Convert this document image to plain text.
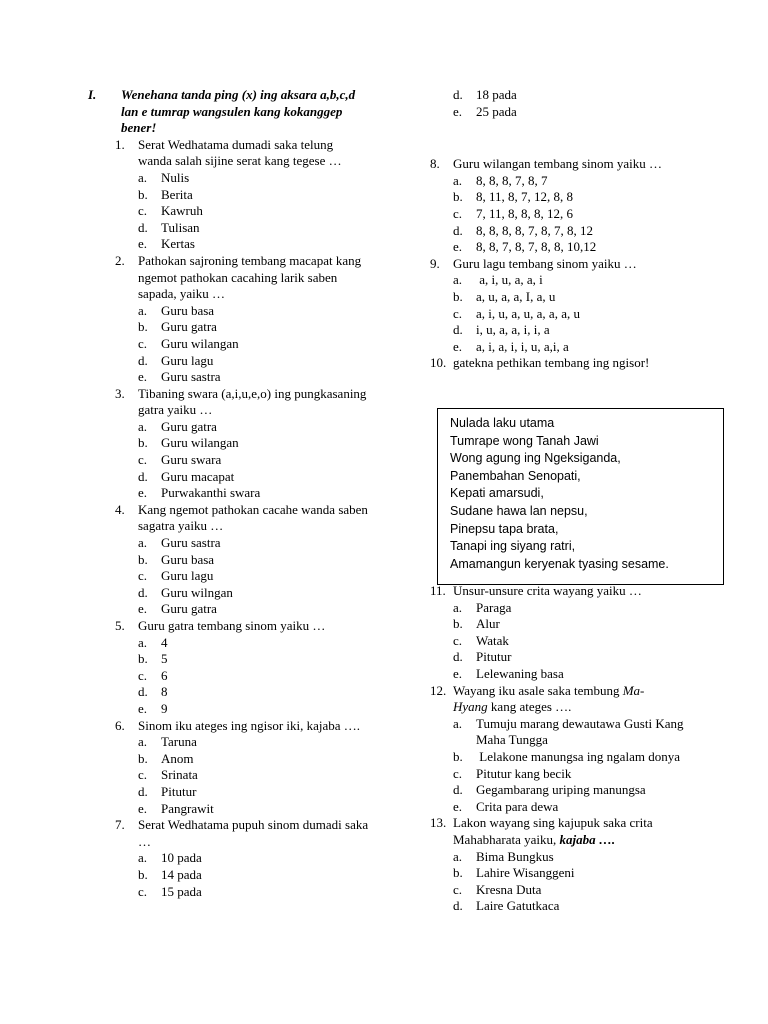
I.	Wenehana tanda ping (x) ing aksara a,b,c,d lan e tumrap wangsulen kang kokanggep bener!
1.	Serat Wedhatama dumadi saka telung wanda salah sijine serat kang tegese …
a.	Nulis
b.	Berita
c.	Kawruh
d.	Tulisan
e.	Kertas
2.	Pathokan sajroning tembang macapat kang ngemot pathokan cacahing larik saben sapada, yaiku …
a.	Guru basa
b.	Guru gatra
c.	Guru wilangan
d.	Guru lagu
e.	Guru sastra
3.	Tibaning swara (a,i,u,e,o) ing pungkasaning gatra yaiku …
a.	Guru gatra
b.	Guru wilangan
c.	Guru swara
d.	Guru macapat
e.	Purwakanthi swara
4.	Kang ngemot pathokan cacahe wanda saben sagatra yaiku …
a.	Guru sastra
b.	Guru basa
c.	Guru lagu
d.	Guru wilngan
e.	Guru gatra
5.	Guru gatra tembang sinom yaiku …
a.	4
b.	5
c.	6
d.	8
e.	9
6.	Sinom iku ateges ing ngisor iki, kajaba ….
a.	Taruna
b.	Anom
c.	Srinata
d.	Pitutur
e.	Pangrawit
7.	Serat Wedhatama pupuh sinom dumadi saka …
a.	10 pada
b.	14 pada
c.	15 pada
d.	18 pada
e.	25 pada
8.	Guru wilangan tembang sinom yaiku …
a.	8, 8, 8, 7, 8, 7
b.	8, 11, 8, 7, 12, 8, 8
c.	7, 11, 8, 8, 8, 12, 6
d.	8, 8, 8, 8, 7, 8, 7, 8, 12
e.	8, 8, 7, 8, 7, 8, 8, 10,12
9.	Guru lagu tembang sinom yaiku …
a.	a, i, u, a, a, i
b.	a, u, a, a, I, a, u
c.	a, i, u, a, u, a, a, a, u
d.	i, u, a, a, i, i, a
e.	a, i, a, i, i, u, a,i, a
10. gatekna pethikan tembang ing ngisor!
Nulada laku utama
Tumrape wong Tanah Jawi
Wong agung ing Ngeksiganda,
Panembahan Senopati,
Kepati amarsudi,
Sudane hawa lan nepsu,
Pinepsu tapa brata,
Tanapi ing siyang ratri,
Amamangun keryenak tyasing sesame.
11. Unsur-unsure crita wayang yaiku …
a.	Paraga
b.	Alur
c.	Watak
d.	Pitutur
e.	Lelewaning basa
12. Wayang iku asale saka tembung Ma-Hyang kang ateges ….
a.	Tumuju marang dewautawa Gusti Kang Maha Tungga
b.	Lelakone manungsa ing ngalam donya
c.	Pitutur kang becik
d.	Gegambarang uriping manungsa
e.	Crita para dewa
13. Lakon wayang sing kajupuk saka crita Mahabharata yaiku, kajaba ….
a.	Bima Bungkus
b.	Lahire Wisanggeni
c.	Kresna Duta
d.	Laire Gatutkaca
